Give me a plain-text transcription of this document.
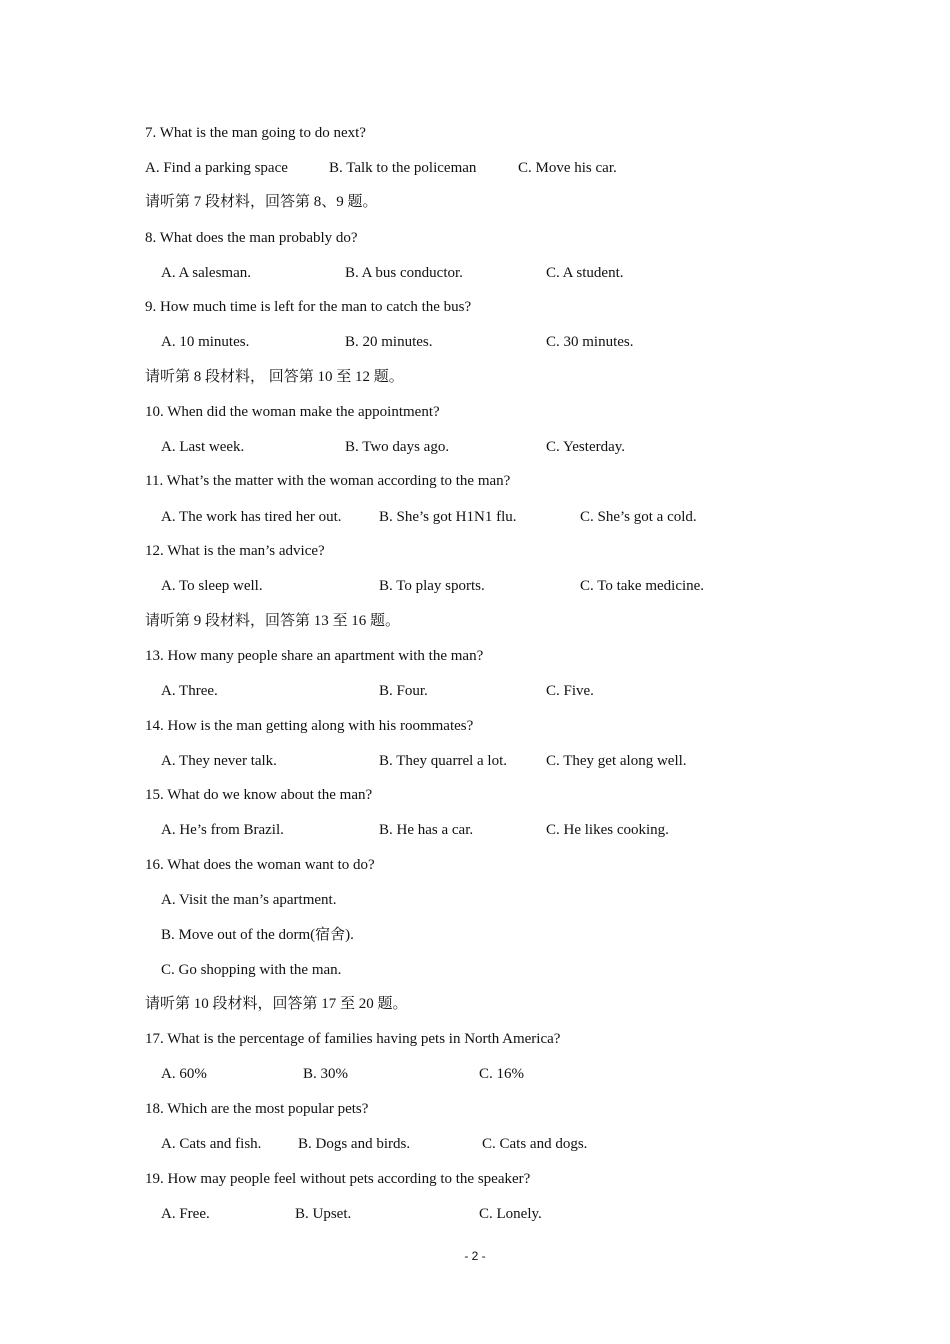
7. What is the man going to do next?
A. Find a parking space	B. Talk to the policeman	C. Move his car.
请听第 7 段材料，回答第 8、9 题。
8. What does the man probably do?
A. A salesman.	B. A bus conductor.	C. A student.
9. How much time is left for the man to catch the bus?
A. 10 minutes.	B. 20 minutes.	C. 30 minutes.
请听第 8 段材料， 回答第 10 至 12 题。
10. When did the woman make the appointment?
A. Last week.	B. Two days ago.	C. Yesterday.
11. What’s the matter with the woman according to the man?
A. The work has tired her out. B. She’s got H1N1 flu.	C. She’s got a cold.
12. What is the man’s advice?
A. To sleep well.	B. To play sports.	C. To take medicine.
请听第 9 段材料，回答第 13 至 16 题。
13. How many people share an apartment with the man?
A. Three.	B. Four.	C. Five.
14. How is the man getting along with his roommates?
A. They never talk.	B. They quarrel a lot.	C. They get along well.
15. What do we know about the man?
A. He’s from Brazil.	B. He has a car.	C. He likes cooking.
16. What does the woman want to do?
A. Visit the man’s apartment.
B. Move out of the dorm(宿舍).
C. Go shopping with the man.
请听第 10 段材料，回答第 17 至 20 题。
17. What is the percentage of families having pets in North America?
A. 60%	B. 30%	C. 16%
18. Which are the most popular pets?
A. Cats and fish. B. Dogs and birds.	C. Cats and dogs.
19. How may people feel without pets according to the speaker?
A. Free.	B. Upset.	C. Lonely.
- 2 -
